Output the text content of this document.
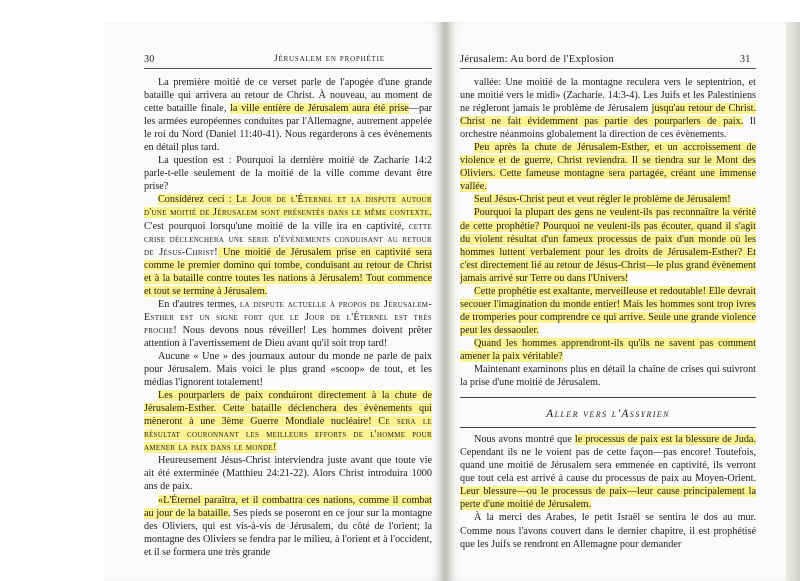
30	Jérusalem en prophétie

La première moitié de ce verset parle de l'apogée d'une grande bataille qui arrivera au retour de Christ. À nouveau, au moment de cette bataille finale, la ville entière de Jérusalem aura été prise—par les armées européennes conduites par l'Allemagne, autrement appelée le roi du Nord (Daniel 11:40-41). Nous regarderons à ces évènements en détail plus tard.

La question est : Pourquoi la dernière moitié de Zacharie 14:2 parle-t-elle seulement de la moitié de la ville comme devant être prise?

Considérez ceci : Le Jour de l'Éternel et la dispute autour d'une moitié de Jérusalem sont présentés dans le même contexte. C'est pourquoi lorsqu'une moitié de la ville ira en captivité, cette crise déclenchera une serie d'évènements conduisant au retour de Jésus-Christ! Une moitié de Jérusalem prise en captivité sera comme le premier domino qui tombe, conduisant au retour de Christ et à la bataille contre toutes les nations à Jérusalem! Tout commence et tout se termine à Jérusalem.

En d'autres termes, la dispute actuelle à propos de Jérusalem-Esther est un signe fort que le Jour de l'Éternel est très proche! Nous devons nous réveiller! Les hommes doivent prêter attention à l'avertissement de Dieu avant qu'il soit trop tard!

Aucune « Une » des journaux autour du monde ne parle de paix pour Jérusalem. Mais voici le plus grand «scoop» de tout, et les médias l'ignorent totalement!

Les pourparlers de paix conduiront directement à la chute de Jérusalem-Esther. Cette bataille déclenchera des évènements qui mèneront à une 3ème Guerre Mondiale nucléaire! Ce sera le résultat couronnant les meilleurs efforts de l'homme pour amener la paix dans le monde!

Heureusement Jésus-Christ interviendra juste avant que toute vie ait été exterminée (Matthieu 24:21-22). Alors Christ introduira 1000 ans de paix.

«L'Éternel paraîtra, et il combattra ces nations, comme il combat au jour de la bataille. Ses pieds se poseront en ce jour sur la montagne des Oliviers, qui est vis-à-vis de Jérusalem, du côté de l'orient; la montagne des Oliviers se fendra par le milieu, à l'orient et à l'occident, et il se formera une très grande

Jérusalem: Au bord de l'Explosion	31

vallée: Une moitié de la montagne reculera vers le septentrion, et une moitié vers le midi» (Zacharie. 14:3-4). Les Juifs et les Palestiniens ne régleront jamais le problème de Jérusalem jusqu'au retour de Christ. Christ ne fait évidemment pas partie des pourparlers de paix. Il orchestre néanmoins globalement la direction de ces évènements.

Peu après la chute de Jérusalem-Esther, et un accroissement de violence et de guerre, Christ reviendra. Il se tiendra sur le Mont des Oliviers. Cette fameuse montagne sera partagée, créant une immense vallée.

Seul Jésus-Christ peut et veut régler le problème de Jérusalem!

Pourquoi la plupart des gens ne veulent-ils pas reconnaître la vérité de cette prophétie? Pourquoi ne veulent-ils pas écouter, quand il s'agit du violent résultat d'un fameux processus de paix d'un monde où les hommes luttent verbalement pour les droits de Jérusalem-Esther? Et c'est directement lié au retour de Jésus-Christ—le plus grand évènement jamais arrivé sur Terre ou dans l'Univers!

Cette prophétie est exaltante, merveilleuse et redoutable! Elle devrait secouer l'imagination du monde entier! Mais les hommes sont trop ivres de tromperies pour comprendre ce qui arrive. Seule une grande violence peut les dessaouler.

Quand les hommes apprendront-ils qu'ils ne savent pas comment amener la paix véritable?

Maintenant examinons plus en détail la chaîne de crises qui suivront la prise d'une moitié de Jérusalem.

Aller vers l'Assyrien

Nous avons montré que le processus de paix est la blessure de Juda. Cependant ils ne le voient pas de cette façon—pas encore! Toutefois, quand une moitié de Jérusalem sera emmenée en captivité, ils verront que tout cela est arrivé à cause du processus de paix au Moyen-Orient. Leur blessure—ou le processus de paix—leur cause principalement la perte d'une moitié de Jérusalem.

À la merci des Arabes, le petit Israël se sentira le dos au mur. Comme nous l'avons couvert dans le dernier chapitre, il est prophétisé que les Juifs se rendront en Allemagne pour demander
